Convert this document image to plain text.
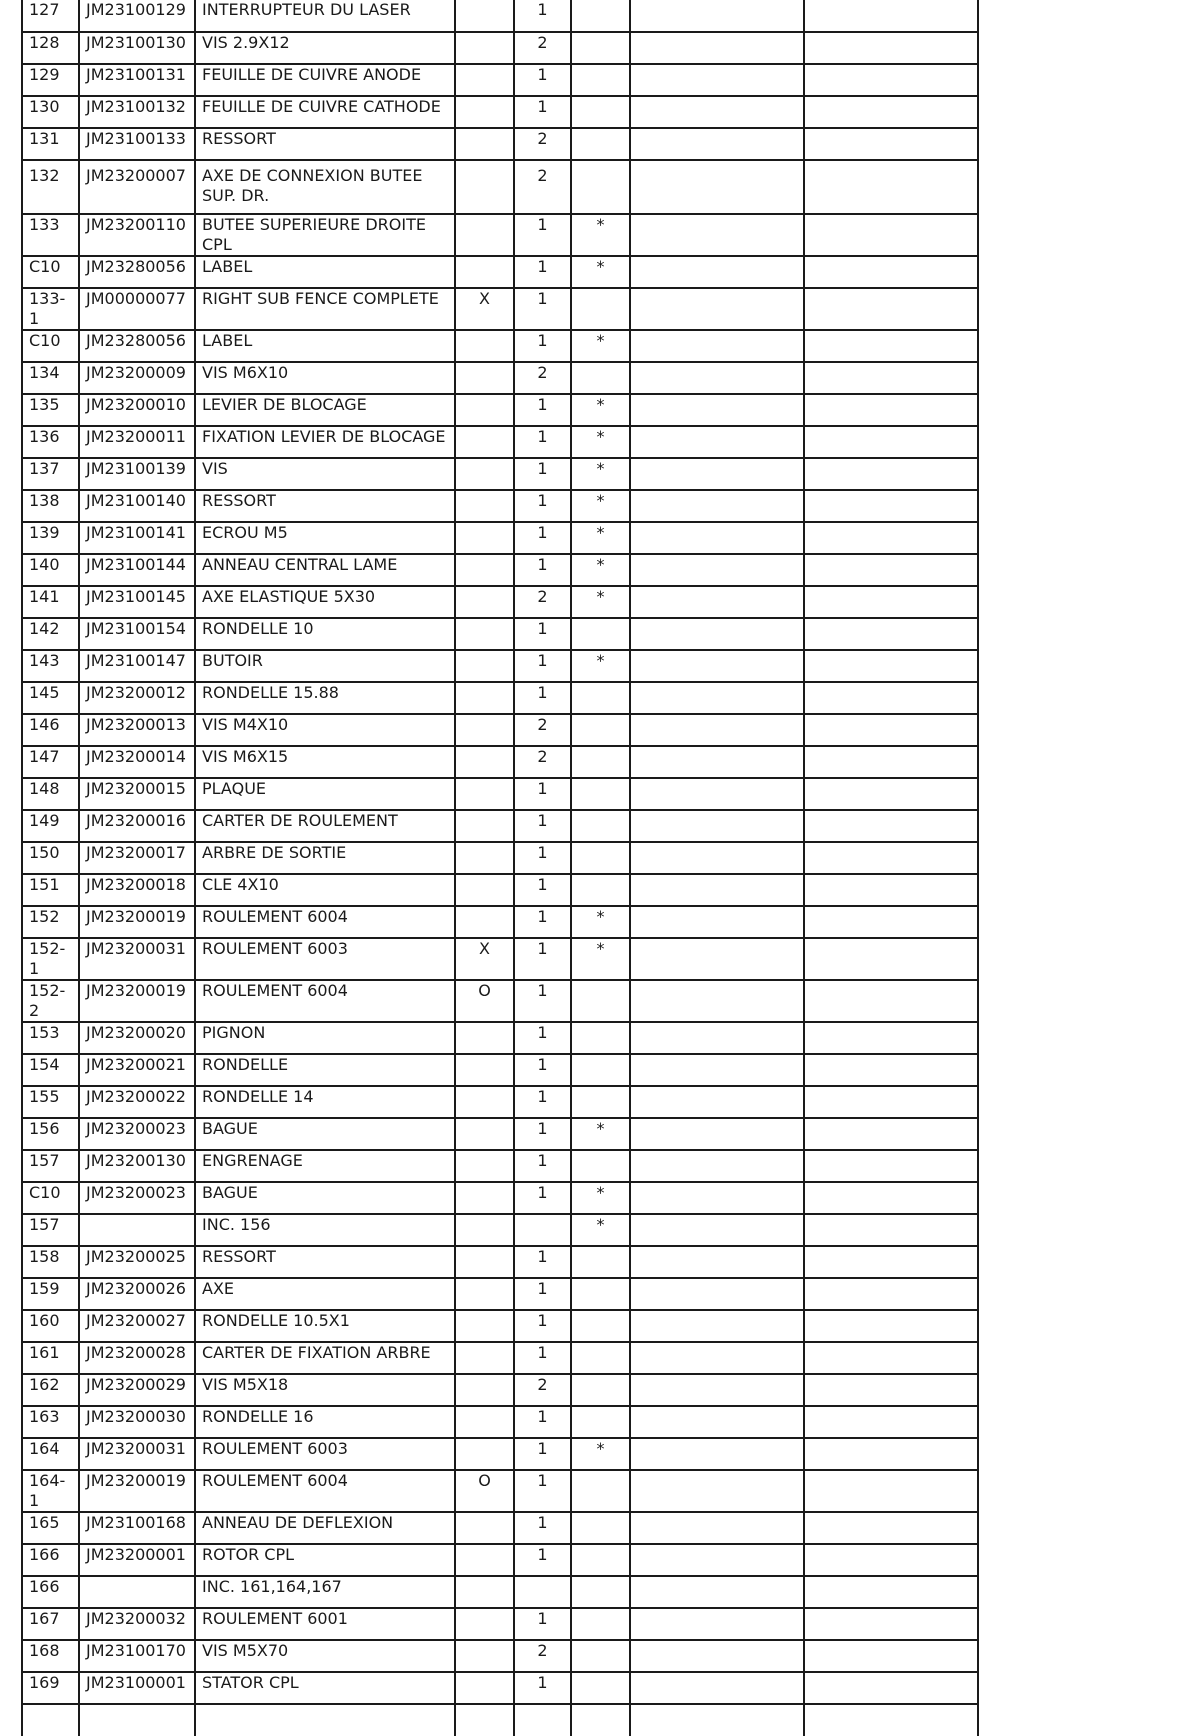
127	JM23100129	INTERRUPTEUR DU LASER		1			
128	JM23100130	VIS 2.9X12		2			
129	JM23100131	FEUILLE DE CUIVRE ANODE		1			
130	JM23100132	FEUILLE DE CUIVRE CATHODE		1			
131	JM23100133	RESSORT		2			
132	JM23200007	AXE DE CONNEXION BUTEE SUP. DR.		2			
133	JM23200110	BUTEE SUPERIEURE DROITE CPL		1	*		
C10	JM23280056	LABEL		1	*		
133-1	JM00000077	RIGHT SUB FENCE COMPLETE	X	1			
C10	JM23280056	LABEL		1	*		
134	JM23200009	VIS M6X10		2			
135	JM23200010	LEVIER DE BLOCAGE		1	*		
136	JM23200011	FIXATION LEVIER DE BLOCAGE		1	*		
137	JM23100139	VIS		1	*		
138	JM23100140	RESSORT		1	*		
139	JM23100141	ECROU M5		1	*		
140	JM23100144	ANNEAU CENTRAL LAME		1	*		
141	JM23100145	AXE ELASTIQUE 5X30		2	*		
142	JM23100154	RONDELLE 10		1			
143	JM23100147	BUTOIR		1	*		
145	JM23200012	RONDELLE 15.88		1			
146	JM23200013	VIS M4X10		2			
147	JM23200014	VIS M6X15		2			
148	JM23200015	PLAQUE		1			
149	JM23200016	CARTER DE ROULEMENT		1			
150	JM23200017	ARBRE DE SORTIE		1			
151	JM23200018	CLE 4X10		1			
152	JM23200019	ROULEMENT 6004		1	*		
152-1	JM23200031	ROULEMENT 6003	X	1	*		
152-2	JM23200019	ROULEMENT 6004	O	1			
153	JM23200020	PIGNON		1			
154	JM23200021	RONDELLE		1			
155	JM23200022	RONDELLE 14		1			
156	JM23200023	BAGUE		1	*		
157	JM23200130	ENGRENAGE		1			
C10	JM23200023	BAGUE		1	*		
157		INC. 156			*		
158	JM23200025	RESSORT		1			
159	JM23200026	AXE		1			
160	JM23200027	RONDELLE 10.5X1		1			
161	JM23200028	CARTER DE FIXATION ARBRE		1			
162	JM23200029	VIS M5X18		2			
163	JM23200030	RONDELLE 16		1			
164	JM23200031	ROULEMENT 6003		1	*		
164-1	JM23200019	ROULEMENT 6004	O	1			
165	JM23100168	ANNEAU DE DEFLEXION		1			
166	JM23200001	ROTOR CPL		1			
166		INC. 161,164,167					
167	JM23200032	ROULEMENT 6001		1			
168	JM23100170	VIS M5X70		2			
169	JM23100001	STATOR CPL		1			
